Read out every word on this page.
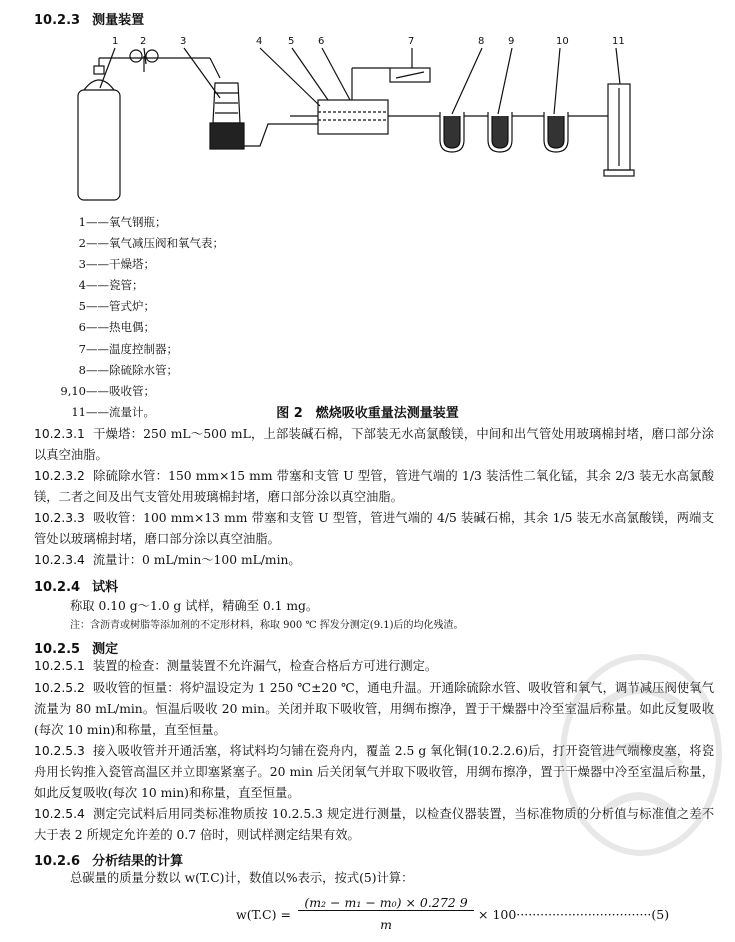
10.2.3 测量装置
1 2	3	4	5 6	7	8 9	10	11
1——氧气钢瓶；
2——氧气减压阀和氧气表；
3——干燥塔；
4——瓷管；
5——管式炉；
6——热电偶；
7——温度控制器；
8——除硫除水管；
9,10——吸收管；
11——流量计。	图 2　燃烧吸收重量法测量装置
10.2.3.1 干燥塔：250 mL～500 mL，上部装碱石棉，下部装无水高氯酸镁，中间和出气管处用玻璃棉封堵，磨口部分涂以真空油脂。
10.2.3.2 除硫除水管：150 mm×15 mm 带塞和支管 U 型管，管进气端的 1/3 装活性二氧化锰，其余 2/3 装无水高氯酸镁，二者之间及出气支管处用玻璃棉封堵，磨口部分涂以真空油脂。
10.2.3.3 吸收管：100 mm×13 mm 带塞和支管 U 型管，管进气端的 4/5 装碱石棉，其余 1/5 装无水高氯酸镁，两端支管处以玻璃棉封堵，磨口部分涂以真空油脂。
10.2.3.4 流量计：0 mL/min～100 mL/min。
10.2.4 试料
称取 0.10 g～1.0 g 试样，精确至 0.1 mg。
注：含沥青或树脂等添加剂的不定形材料，称取 900 ℃ 挥发分测定(9.1)后的均化残渣。
10.2.5 测定
10.2.5.1 装置的检查：测量装置不允许漏气，检查合格后方可进行测定。
10.2.5.2 吸收管的恒量：将炉温设定为 1 250 ℃±20 ℃，通电升温。开通除硫除水管、吸收管和氧气，调节减压阀使氧气流量为 80 mL/min。恒温后吸收 20 min。关闭并取下吸收管，用绸布擦净，置于干燥器中冷至室温后称量。如此反复吸收(每次 10 min)和称量，直至恒量。
10.2.5.3 接入吸收管并开通活塞，将试料均匀铺在瓷舟内，覆盖 2.5 g 氧化铜(10.2.2.6)后，打开瓷管进气端橡皮塞，将瓷舟用长钩推入瓷管高温区并立即塞紧塞子。20 min 后关闭氧气并取下吸收管，用绸布擦净，置于干燥器中冷至室温后称量，如此反复吸收(每次 10 min)和称量，直至恒量。
10.2.5.4 测定完试料后用同类标准物质按 10.2.5.3 规定进行测量，以检查仪器装置，当标准物质的分析值与标准值之差不大于表 2 所规定允许差的 0.7 倍时，则试样测定结果有效。
10.2.6 分析结果的计算
总碳量的质量分数以 w(T.C)计，数值以%表示，按式(5)计算：
w(T.C) =
(m₂ − m₁ − m₀) × 0.272 9
m
× 100··································(5)
